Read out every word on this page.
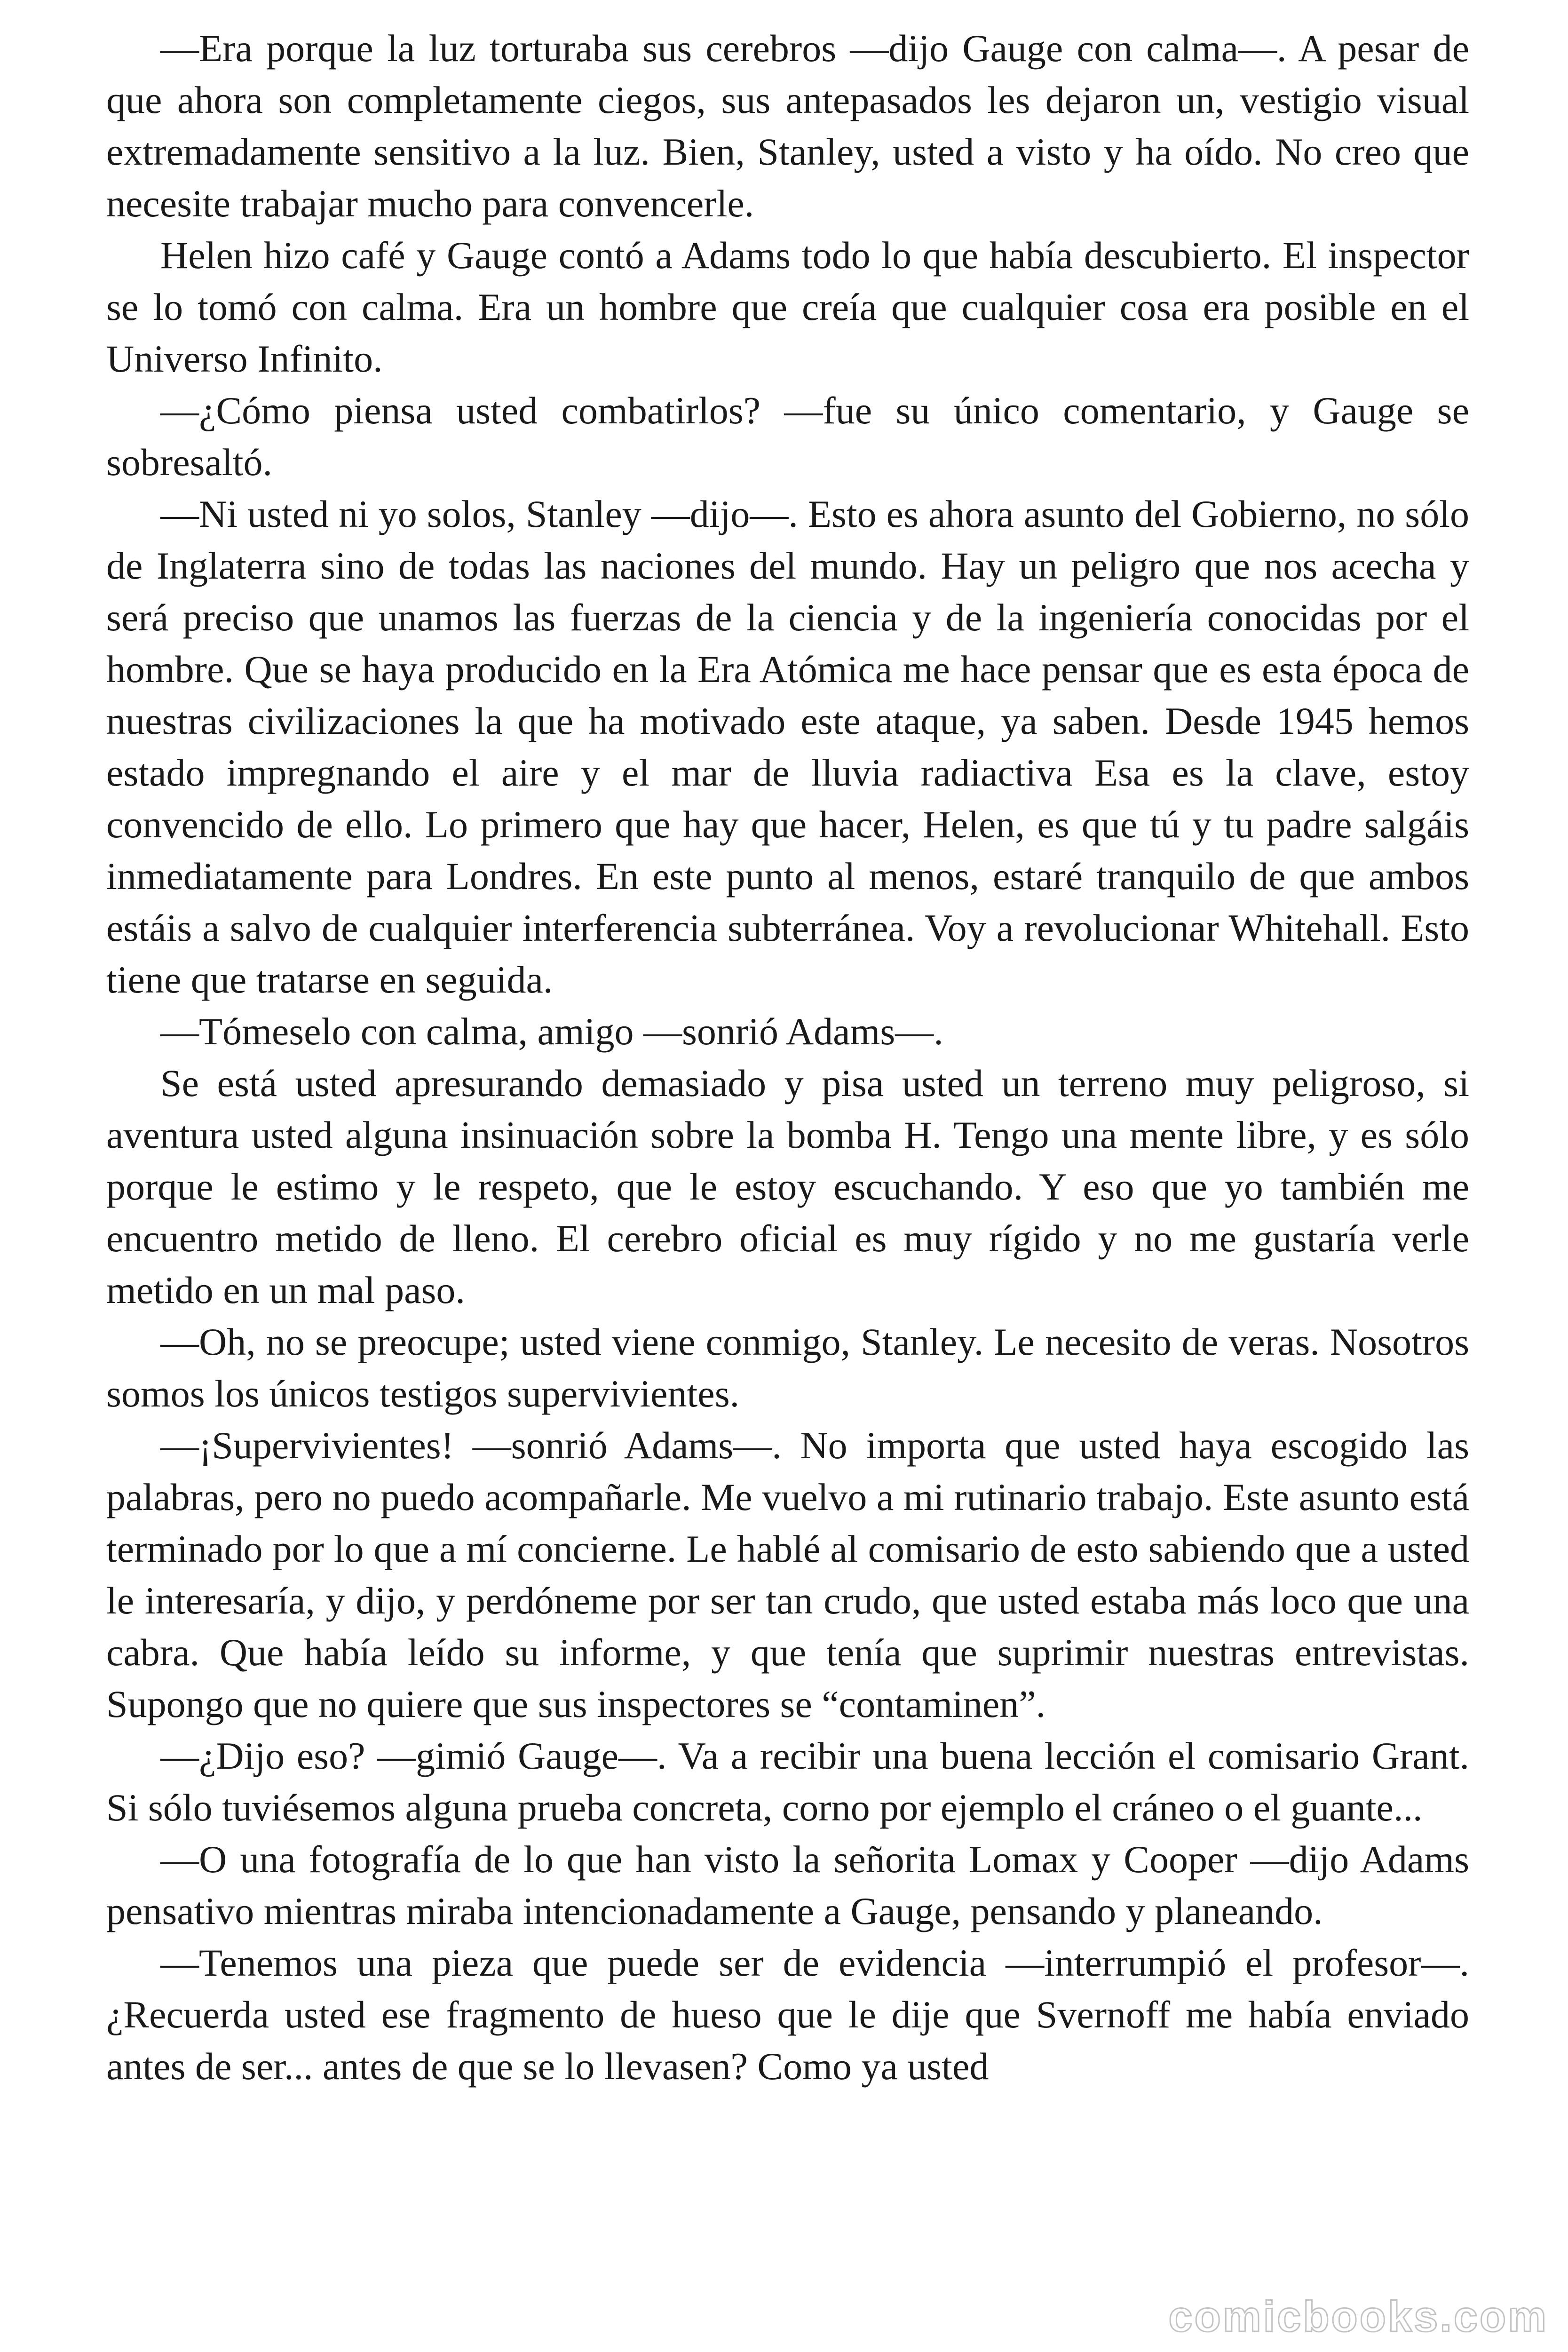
—Era porque la luz torturaba sus cerebros —dijo Gauge con calma—. A pesar de que ahora son completamente ciegos, sus antepasados les dejaron un, vestigio visual extremadamente sensitivo a la luz. Bien, Stanley, usted a visto y ha oído. No creo que necesite trabajar mucho para convencerle.

Helen hizo café y Gauge contó a Adams todo lo que había descubierto. El inspector se lo tomó con calma. Era un hombre que creía que cualquier cosa era posible en el Universo Infinito.

—¿Cómo piensa usted combatirlos? —fue su único comentario, y Gauge se sobresaltó.

—Ni usted ni yo solos, Stanley —dijo—. Esto es ahora asunto del Gobierno, no sólo de Inglaterra sino de todas las naciones del mundo. Hay un peligro que nos acecha y será preciso que unamos las fuerzas de la ciencia y de la ingeniería conocidas por el hombre. Que se haya producido en la Era Atómica me hace pensar que es esta época de nuestras civilizaciones la que ha motivado este ataque, ya saben. Desde 1945 hemos estado impregnando el aire y el mar de lluvia radiactiva Esa es la clave, estoy convencido de ello. Lo primero que hay que hacer, Helen, es que tú y tu padre salgáis inmediatamente para Londres. En este punto al menos, estaré tranquilo de que ambos estáis a salvo de cualquier interferencia subterránea. Voy a revolucionar Whitehall. Esto tiene que tratarse en seguida.

—Tómeselo con calma, amigo —sonrió Adams—.

Se está usted apresurando demasiado y pisa usted un terreno muy peligroso, si aventura usted alguna insinuación sobre la bomba H. Tengo una mente libre, y es sólo porque le estimo y le respeto, que le estoy escuchando. Y eso que yo también me encuentro metido de lleno. El cerebro oficial es muy rígido y no me gustaría verle metido en un mal paso.

—Oh, no se preocupe; usted viene conmigo, Stanley. Le necesito de veras. Nosotros somos los únicos testigos supervivientes.

—¡Supervivientes! —sonrió Adams—. No importa que usted haya escogido las palabras, pero no puedo acompañarle. Me vuelvo a mi rutinario trabajo. Este asunto está terminado por lo que a mí concierne. Le hablé al comisario de esto sabiendo que a usted le interesaría, y dijo, y perdóneme por ser tan crudo, que usted estaba más loco que una cabra. Que había leído su informe, y que tenía que suprimir nuestras entrevistas. Supongo que no quiere que sus inspectores se “contaminen”.

—¿Dijo eso? —gimió Gauge—. Va a recibir una buena lección el comisario Grant. Si sólo tuviésemos alguna prueba concreta, corno por ejemplo el cráneo o el guante...

—O una fotografía de lo que han visto la señorita Lomax y Cooper —dijo Adams pensativo mientras miraba intencionadamente a Gauge, pensando y planeando.

—Tenemos una pieza que puede ser de evidencia —interrumpió el profesor—. ¿Recuerda usted ese fragmento de hueso que le dije que Svernoff me había enviado antes de ser... antes de que se lo llevasen? Como ya usted

comicbooks.com
